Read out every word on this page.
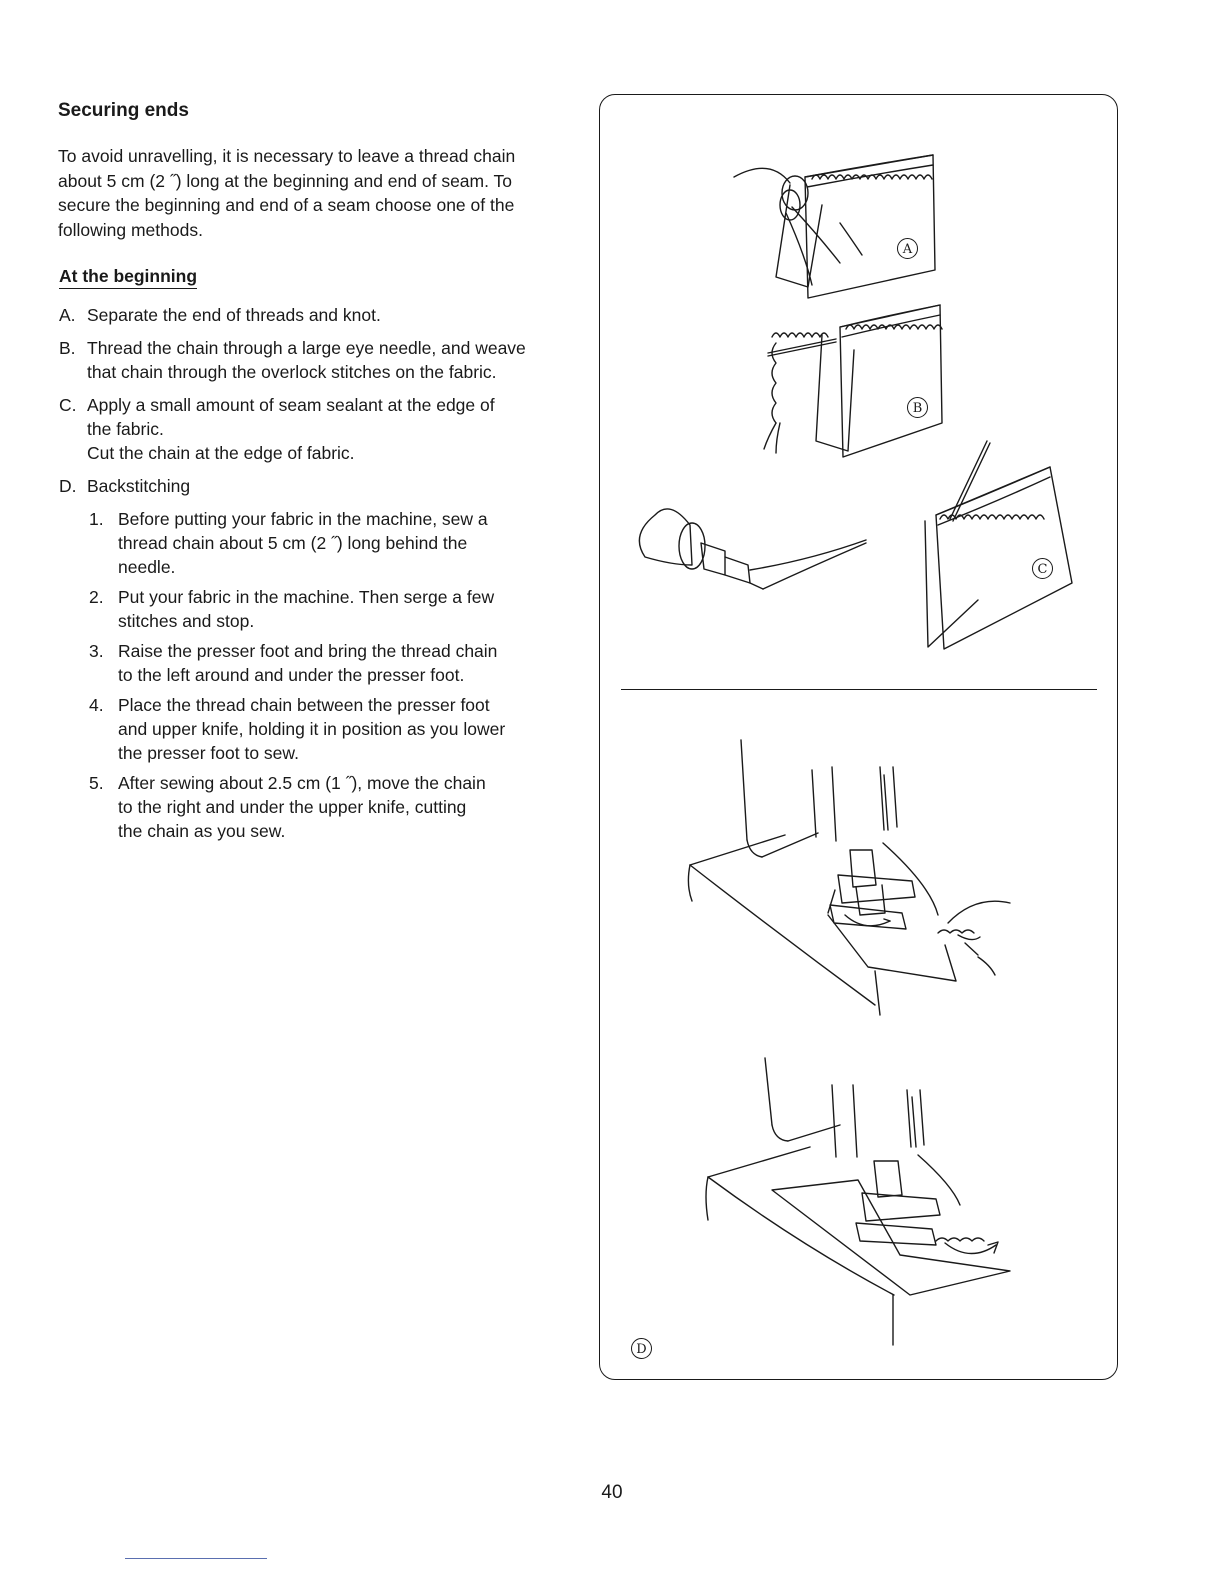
Securing ends

To avoid unravelling, it is necessary to leave a thread chain
about 5 cm (2 ˝) long at the beginning and end of seam. To
secure the beginning and end of a seam choose one of the
following methods.

At the beginning
A. Separate the end of threads and knot.
B. Thread the chain through a large eye needle, and weave
that chain through the overlock stitches on the fabric.
C. Apply a small amount of seam sealant at the edge of
the fabric.
Cut the chain at the edge of fabric.
D. Backstitching
1. Before putting your fabric in the machine, sew a
thread chain about 5 cm (2 ˝) long behind the
needle.
2. Put your fabric in the machine. Then serge a few
stitches and stop.
3. Raise the presser foot and bring the thread chain
to the left around and under the presser foot.
4. Place the thread chain between the presser foot
and upper knife, holding it in position as you lower
the presser foot to sew.
5. After sewing about 2.5 cm (1 ˝), move the chain
to the right and under the upper knife, cutting
the chain as you sew.
A
B
C
D
40
